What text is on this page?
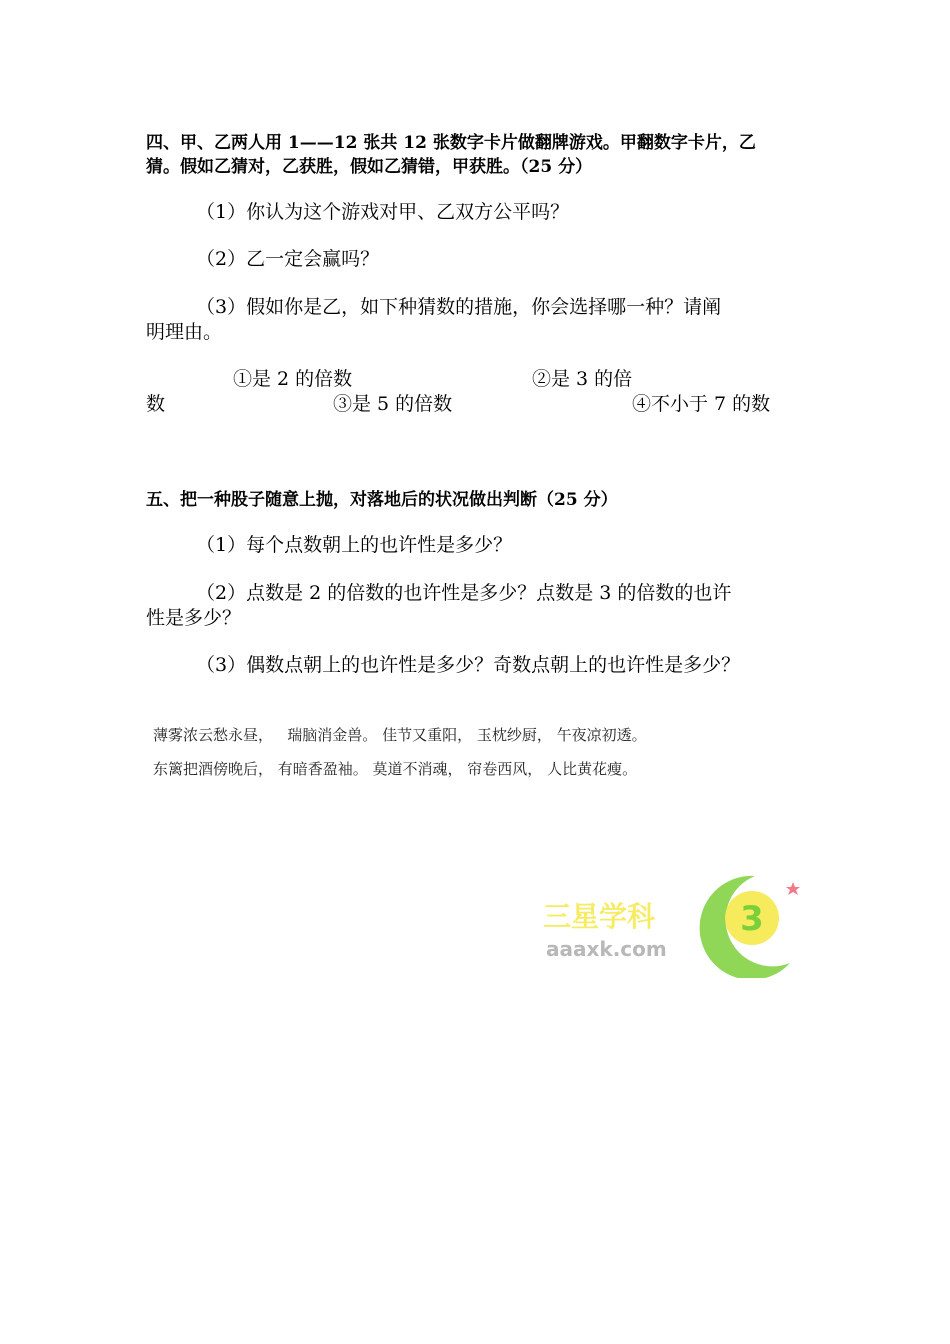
四、甲、乙两人用 1——12 张共 12 张数字卡片做翻牌游戏。甲翻数字卡片，乙
猜。假如乙猜对，乙获胜，假如乙猜错，甲获胜。（25 分）
（1）你认为这个游戏对甲、乙双方公平吗？
（2）乙一定会赢吗？
（3）假如你是乙，如下种猜数的措施，你会选择哪一种？请阐
明理由。
①是 2 的倍数	②是 3 的倍
数	③是 5 的倍数	④不小于 7 的数
五、把一种股子随意上抛，对落地后的状况做出判断（25 分）
（1）每个点数朝上的也许性是多少？
（2）点数是 2 的倍数的也许性是多少？点数是 3 的倍数的也许
性是多少？
（3）偶数点朝上的也许性是多少？奇数点朝上的也许性是多少？
薄雾浓云愁永昼，   瑞脑消金兽。 佳节又重阳， 玉枕纱厨， 午夜凉初透。
东篱把酒傍晚后， 有暗香盈袖。 莫道不消魂， 帘卷西风， 人比黄花瘦。
3
三星学科
aaaxk.com
